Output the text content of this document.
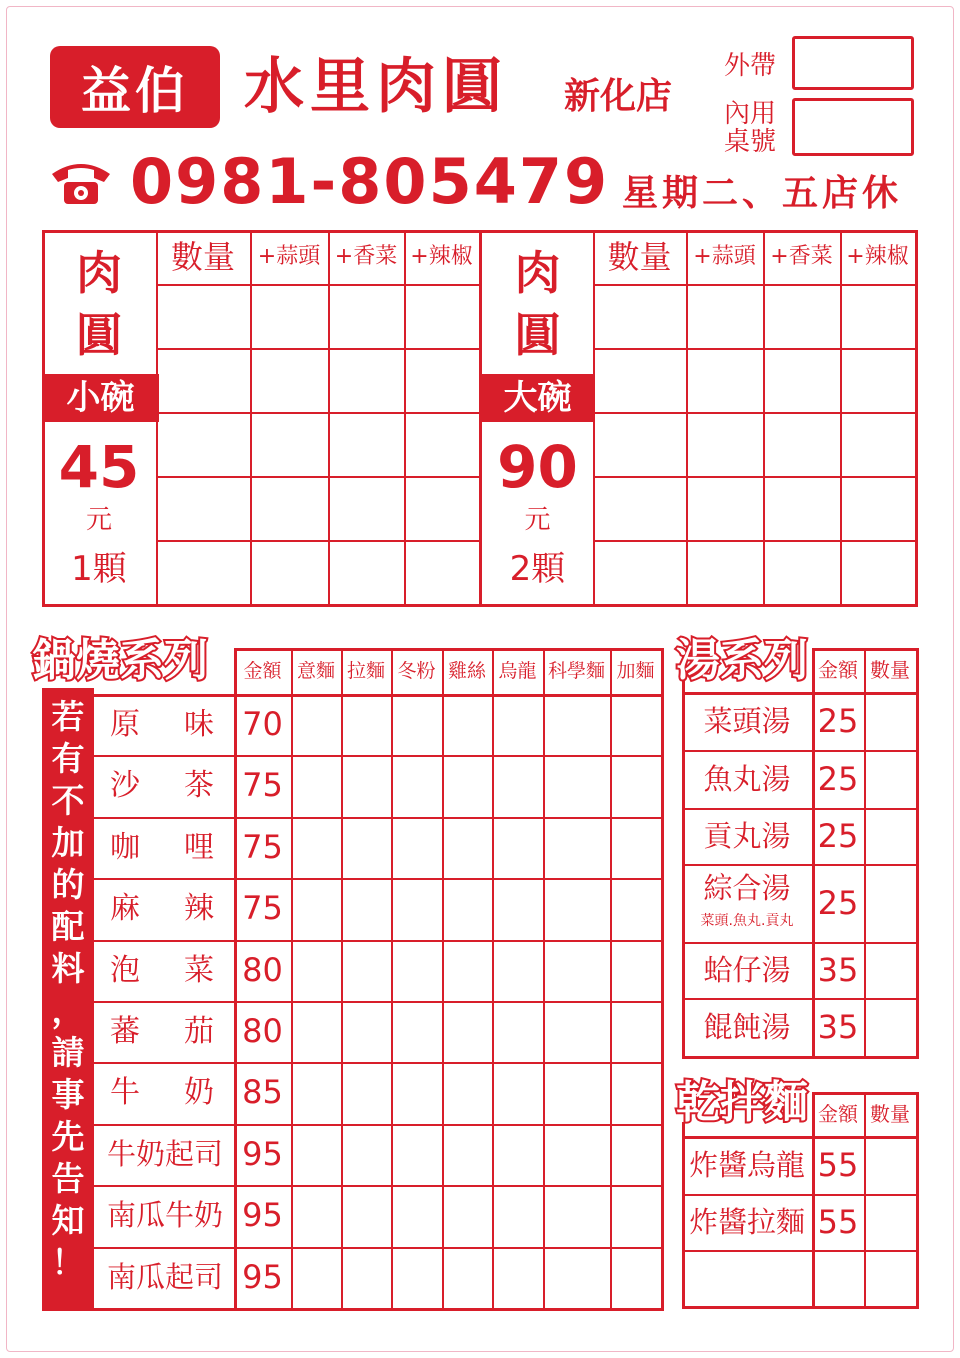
益伯 水里肉圓 新化店
外帶
內用
桌號
0981-805479 星期二、五店休
數量	+蒜頭 +香菜 +辣椒
肉
圓
小碗
45
元
1顆
數量 +蒜頭 +香菜 +辣椒
肉
圓
大碗
90
元
2顆
若
有
不
加
的
配
料
，
請
事
先
告
知
！
鍋燒系列	金額 意麵 拉麵 冬粉 雞絲 烏龍 科學麵 加麵
原 味 70
沙 茶 75
咖 哩 75
麻 辣 75
泡 菜 80
蕃 茄 80
牛 奶 85
牛奶起司 95
南瓜牛奶 95
南瓜起司 95
湯系列 金額 數量
菜頭湯 25
魚丸湯 25
貢丸湯 25
綜合湯
菜頭.魚丸.貢丸 25
蛤仔湯 35
餛飩湯 35
乾拌麵 金額 數量
炸醬烏龍 55
炸醬拉麵 55
